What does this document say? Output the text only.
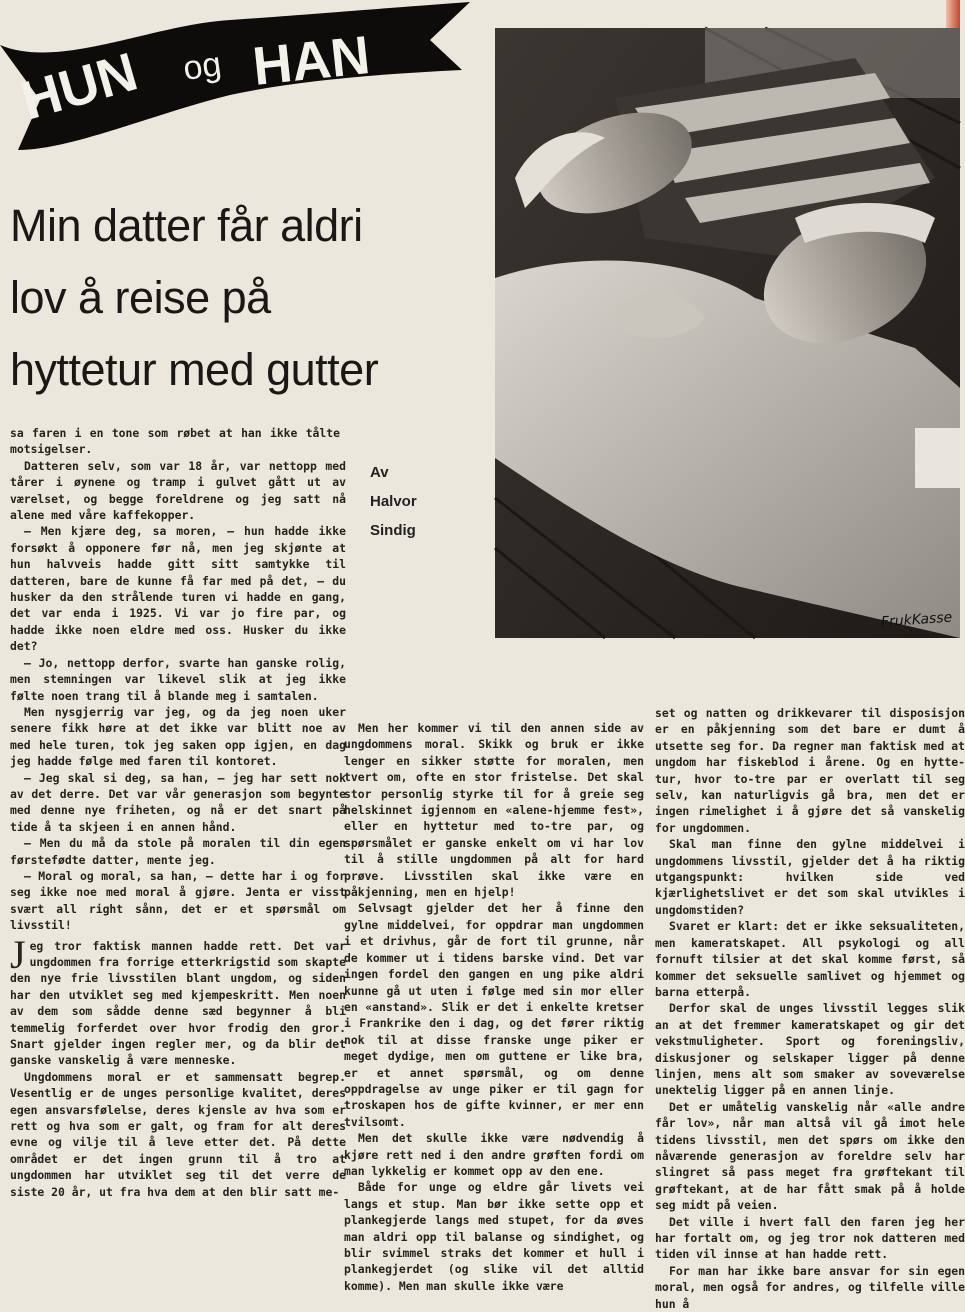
HUN og HAN
Min datter får aldri
lov å reise på
hyttetur med gutter
FrukKasse
Av
Halvor
Sindig

sa faren i en tone som røbet at han ikke tålte motsigelser.

Datteren selv, som var 18 år, var nettopp med tårer i øynene og tramp i gulvet gått ut av værelset, og begge foreldrene og jeg satt nå alene med våre kaffekopper.

— Men kjære deg, sa moren, — hun hadde ikke forsøkt å opponere før nå, men jeg skjønte at hun halvveis hadde gitt sitt samtykke til datteren, bare de kunne få far med på det, — du husker da den strålende turen vi hadde en gang, det var enda i 1925. Vi var jo fire par, og hadde ikke noen eldre med oss. Husker du ikke det?

— Jo, nettopp derfor, svarte han ganske rolig, men stemningen var likevel slik at jeg ikke følte noen trang til å blande meg i samtalen.

Men nysgjerrig var jeg, og da jeg noen uker senere fikk høre at det ikke var blitt noe av med hele turen, tok jeg saken opp igjen, en dag jeg hadde følge med faren til kontoret.

— Jeg skal si deg, sa han, — jeg har sett nok av det derre. Det var vår generasjon som begynte med denne nye friheten, og nå er det snart på tide å ta skjeen i en annen hånd.

— Men du må da stole på moralen til din egen førstefødte datter, mente jeg.

— Moral og moral, sa han, — dette har i og for seg ikke noe med moral å gjøre. Jenta er visst svært all right sånn, det er et spørsmål om livsstil!

Jeg tror faktisk mannen hadde rett. Det var ungdommen fra forrige etterkrigstid som skapte den nye frie livsstilen blant ungdom, og siden har den utviklet seg med kjempeskritt. Men noen av dem som sådde denne sæd begynner å bli temmelig forferdet over hvor frodig den gror. Snart gjelder ingen regler mer, og da blir det ganske vanskelig å være menneske.

Ungdommens moral er et sammensatt begrep. Vesentlig er de unges personlige kvalitet, deres egen ansvarsfølelse, deres kjensle av hva som er rett og hva som er galt, og fram for alt deres evne og vilje til å leve etter det. På dette området er det ingen grunn til å tro at ungdommen har utviklet seg til det verre de siste 20 år, ut fra hva dem at den blir satt me-

Men her kommer vi til den annen side av ungdommens moral. Skikk og bruk er ikke lenger en sikker støtte for moralen, men tvert om, ofte en stor fristelse. Det skal stor personlig styrke til for å greie seg helskinnet igjennom en «alene-hjemme fest», eller en hyttetur med to-tre par, og spørsmålet er ganske enkelt om vi har lov til å stille ungdommen på alt for hard prøve. Livsstilen skal ikke være en påkjenning, men en hjelp!

Selvsagt gjelder det her å finne den gylne middelvei, for oppdrar man ungdommen i et drivhus, går de fort til grunne, når de kommer ut i tidens barske vind. Det var ingen fordel den gangen en ung pike aldri kunne gå ut uten i følge med sin mor eller en «anstand». Slik er det i enkelte kretser i Frankrike den i dag, og det fører riktig nok til at disse franske unge piker er meget dydige, men om guttene er like bra, er et annet spørsmål, og om denne oppdragelse av unge piker er til gagn for troskapen hos de gifte kvinner, er mer enn tvilsomt.

Men det skulle ikke være nødvendig å kjøre rett ned i den andre grøften fordi om man lykkelig er kommet opp av den ene.

Både for unge og eldre går livets vei langs et stup. Man bør ikke sette opp et plankegjerde langs med stupet, for da øves man aldri opp til balanse og sindighet, og blir svimmel straks det kommer et hull i plankegjerdet (og slike vil det alltid komme). Men man skulle ikke være

set og natten og drikkevarer til disposisjon er en påkjenning som det bare er dumt å utsette seg for. Da regner man faktisk med at ungdom har fiskeblod i årene. Og en hytte-tur, hvor to-tre par er overlatt til seg selv, kan naturligvis gå bra, men det er ingen rimelighet i å gjøre det så vanskelig for ungdommen.

Skal man finne den gylne middelvei i ungdommens livsstil, gjelder det å ha riktig utgangspunkt: hvilken side ved kjærlighetslivet er det som skal utvikles i ungdomstiden?

Svaret er klart: det er ikke seksualiteten, men kameratskapet. All psykologi og all fornuft tilsier at det skal komme først, så kommer det seksuelle samlivet og hjemmet og barna etterpå.

Derfor skal de unges livsstil legges slik an at det fremmer kameratskapet og gir det vekstmuligheter. Sport og foreningsliv, diskusjoner og selskaper ligger på denne linjen, mens alt som smaker av soveværelse unektelig ligger på en annen linje.

Det er umåtelig vanskelig når «alle andre får lov», når man altså vil gå imot hele tidens livsstil, men det spørs om ikke den nåværende generasjon av foreldre selv har slingret så pass meget fra grøftekant til grøftekant, at de har fått smak på å holde seg midt på veien.

Det ville i hvert fall den faren jeg her har fortalt om, og jeg tror nok datteren med tiden vil innse at han hadde rett.

For man har ikke bare ansvar for sin egen moral, men også for andres, og tilfelle ville hun å
